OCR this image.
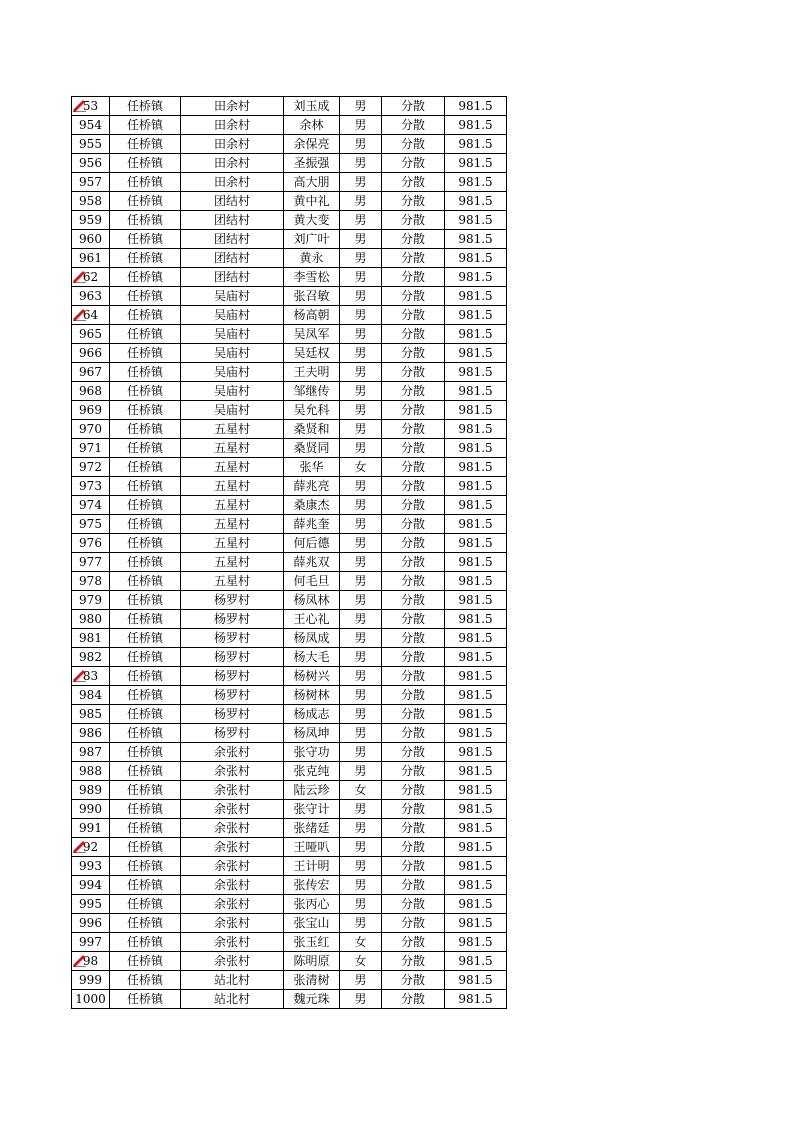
53	任桥镇	田余村	刘玉成	男	分散	981.5
954	任桥镇	田余村	余林	男	分散	981.5
955	任桥镇	田余村	余保亮	男	分散	981.5
956	任桥镇	田余村	圣振强	男	分散	981.5
957	任桥镇	田余村	高大朋	男	分散	981.5
958	任桥镇	团结村	黄中礼	男	分散	981.5
959	任桥镇	团结村	黄大变	男	分散	981.5
960	任桥镇	团结村	刘广叶	男	分散	981.5
961	任桥镇	团结村	黄永	男	分散	981.5

62	任桥镇	团结村	李雪松	男	分散	981.5
963	任桥镇	吴庙村	张召敏	男	分散	981.5

64	任桥镇	吴庙村	杨高朝	男	分散	981.5
965	任桥镇	吴庙村	吴凤军	男	分散	981.5
966	任桥镇	吴庙村	吴廷权	男	分散	981.5
967	任桥镇	吴庙村	王夫明	男	分散	981.5
968	任桥镇	吴庙村	邹继传	男	分散	981.5
969	任桥镇	吴庙村	吴允科	男	分散	981.5
970	任桥镇	五星村	桑贤和	男	分散	981.5
971	任桥镇	五星村	桑贤同	男	分散	981.5
972	任桥镇	五星村	张华	女	分散	981.5
973	任桥镇	五星村	薛兆亮	男	分散	981.5
974	任桥镇	五星村	桑康杰	男	分散	981.5
975	任桥镇	五星村	薛兆奎	男	分散	981.5
976	任桥镇	五星村	何后德	男	分散	981.5
977	任桥镇	五星村	薛兆双	男	分散	981.5
978	任桥镇	五星村	何毛旦	男	分散	981.5
979	任桥镇	杨罗村	杨凤林	男	分散	981.5
980	任桥镇	杨罗村	王心礼	男	分散	981.5
981	任桥镇	杨罗村	杨凤成	男	分散	981.5
982	任桥镇	杨罗村	杨大毛	男	分散	981.5

83	任桥镇	杨罗村	杨树兴	男	分散	981.5
984	任桥镇	杨罗村	杨树林	男	分散	981.5
985	任桥镇	杨罗村	杨成志	男	分散	981.5
986	任桥镇	杨罗村	杨凤坤	男	分散	981.5
987	任桥镇	余张村	张守功	男	分散	981.5
988	任桥镇	余张村	张克纯	男	分散	981.5
989	任桥镇	余张村	陆云珍	女	分散	981.5
990	任桥镇	余张村	张守计	男	分散	981.5
991	任桥镇	余张村	张绪廷	男	分散	981.5

92	任桥镇	余张村	王哑叭	男	分散	981.5
993	任桥镇	余张村	王计明	男	分散	981.5
994	任桥镇	余张村	张传宏	男	分散	981.5
995	任桥镇	余张村	张丙心	男	分散	981.5
996	任桥镇	余张村	张宝山	男	分散	981.5
997	任桥镇	余张村	张玉红	女	分散	981.5

98	任桥镇	余张村	陈明原	女	分散	981.5
999	任桥镇	站北村	张清树	男	分散	981.5
1000	任桥镇	站北村	魏元珠	男	分散	981.5
